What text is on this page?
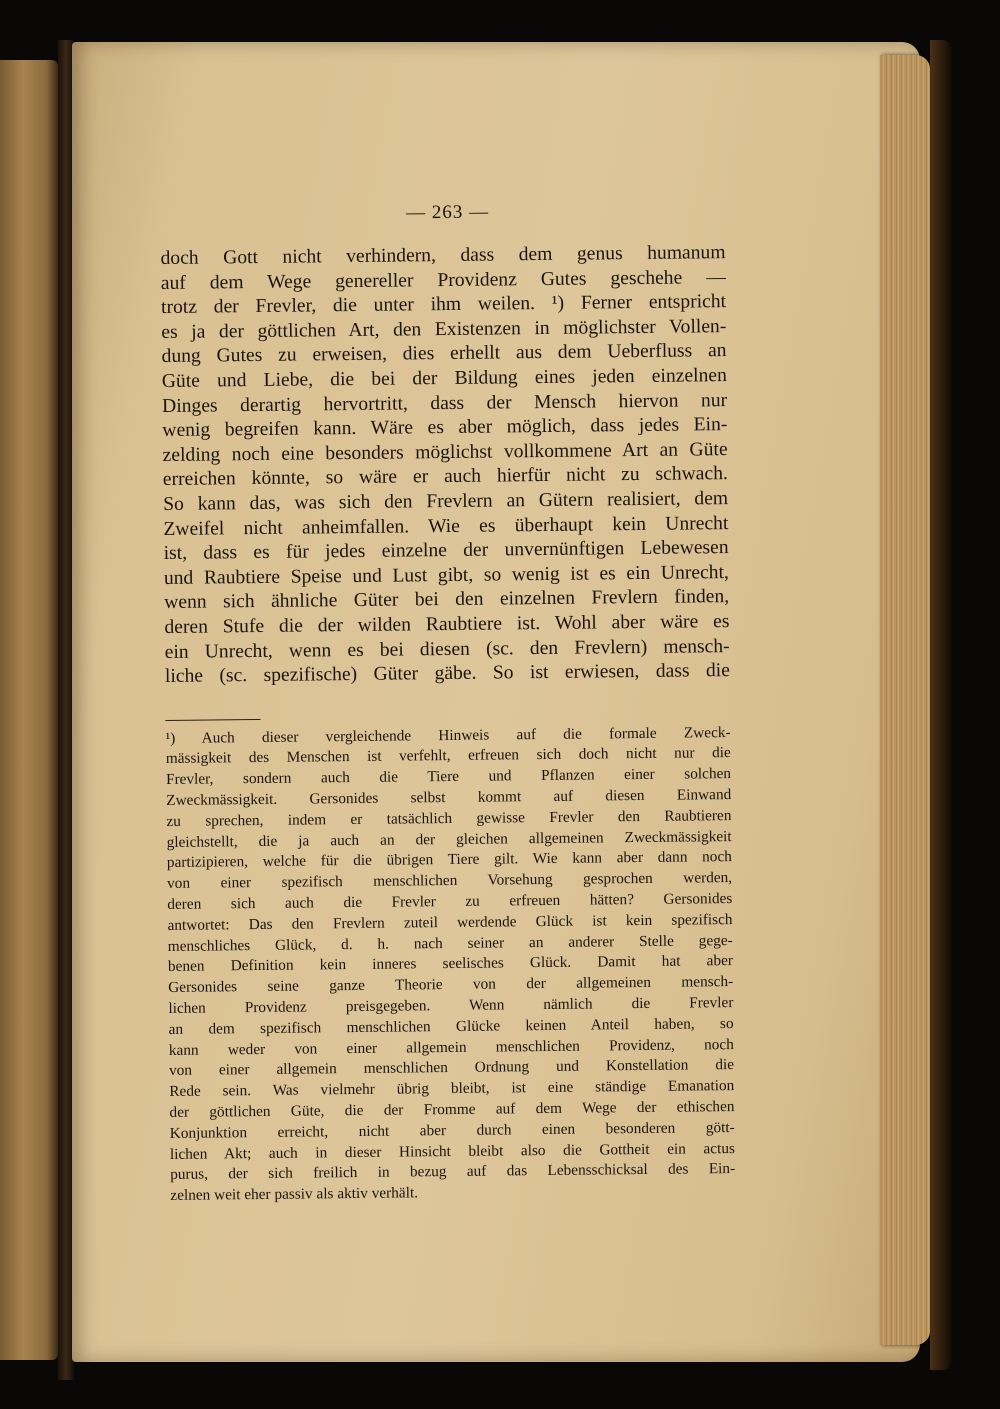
— 263 —
doch Gott nicht verhindern, dass dem genus humanum
auf dem Wege genereller Providenz Gutes geschehe —
trotz der Frevler, die unter ihm weilen. ¹) Ferner entspricht
es ja der göttlichen Art, den Existenzen in möglichster Vollen-
dung Gutes zu erweisen, dies erhellt aus dem Ueberfluss an
Güte und Liebe, die bei der Bildung eines jeden einzelnen
Dinges derartig hervortritt, dass der Mensch hiervon nur
wenig begreifen kann. Wäre es aber möglich, dass jedes Ein-
zelding noch eine besonders möglichst vollkommene Art an Güte
erreichen könnte, so wäre er auch hierfür nicht zu schwach.
So kann das, was sich den Frevlern an Gütern realisiert, dem
Zweifel nicht anheimfallen. Wie es überhaupt kein Unrecht
ist, dass es für jedes einzelne der unvernünftigen Lebewesen
und Raubtiere Speise und Lust gibt, so wenig ist es ein Unrecht,
wenn sich ähnliche Güter bei den einzelnen Frevlern finden,
deren Stufe die der wilden Raubtiere ist. Wohl aber wäre es
ein Unrecht, wenn es bei diesen (sc. den Frevlern) mensch-
liche (sc. spezifische) Güter gäbe. So ist erwiesen, dass die
¹) Auch dieser vergleichende Hinweis auf die formale Zweck-
mässigkeit des Menschen ist verfehlt, erfreuen sich doch nicht nur die
Frevler, sondern auch die Tiere und Pflanzen einer solchen
Zweckmässigkeit. Gersonides selbst kommt auf diesen Einwand
zu sprechen, indem er tatsächlich gewisse Frevler den Raubtieren
gleichstellt, die ja auch an der gleichen allgemeinen Zweckmässigkeit
partizipieren, welche für die übrigen Tiere gilt. Wie kann aber dann noch
von einer spezifisch menschlichen Vorsehung gesprochen werden,
deren sich auch die Frevler zu erfreuen hätten? Gersonides
antwortet: Das den Frevlern zuteil werdende Glück ist kein spezifisch
menschliches Glück, d. h. nach seiner an anderer Stelle gege-
benen Definition kein inneres seelisches Glück. Damit hat aber
Gersonides seine ganze Theorie von der allgemeinen mensch-
lichen Providenz preisgegeben. Wenn nämlich die Frevler
an dem spezifisch menschlichen Glücke keinen Anteil haben, so
kann weder von einer allgemein menschlichen Providenz, noch
von einer allgemein menschlichen Ordnung und Konstellation die
Rede sein. Was vielmehr übrig bleibt, ist eine ständige Emanation
der göttlichen Güte, die der Fromme auf dem Wege der ethischen
Konjunktion erreicht, nicht aber durch einen besonderen gött-
lichen Akt; auch in dieser Hinsicht bleibt also die Gottheit ein actus
purus, der sich freilich in bezug auf das Lebensschicksal des Ein-
zelnen weit eher passiv als aktiv verhält.
